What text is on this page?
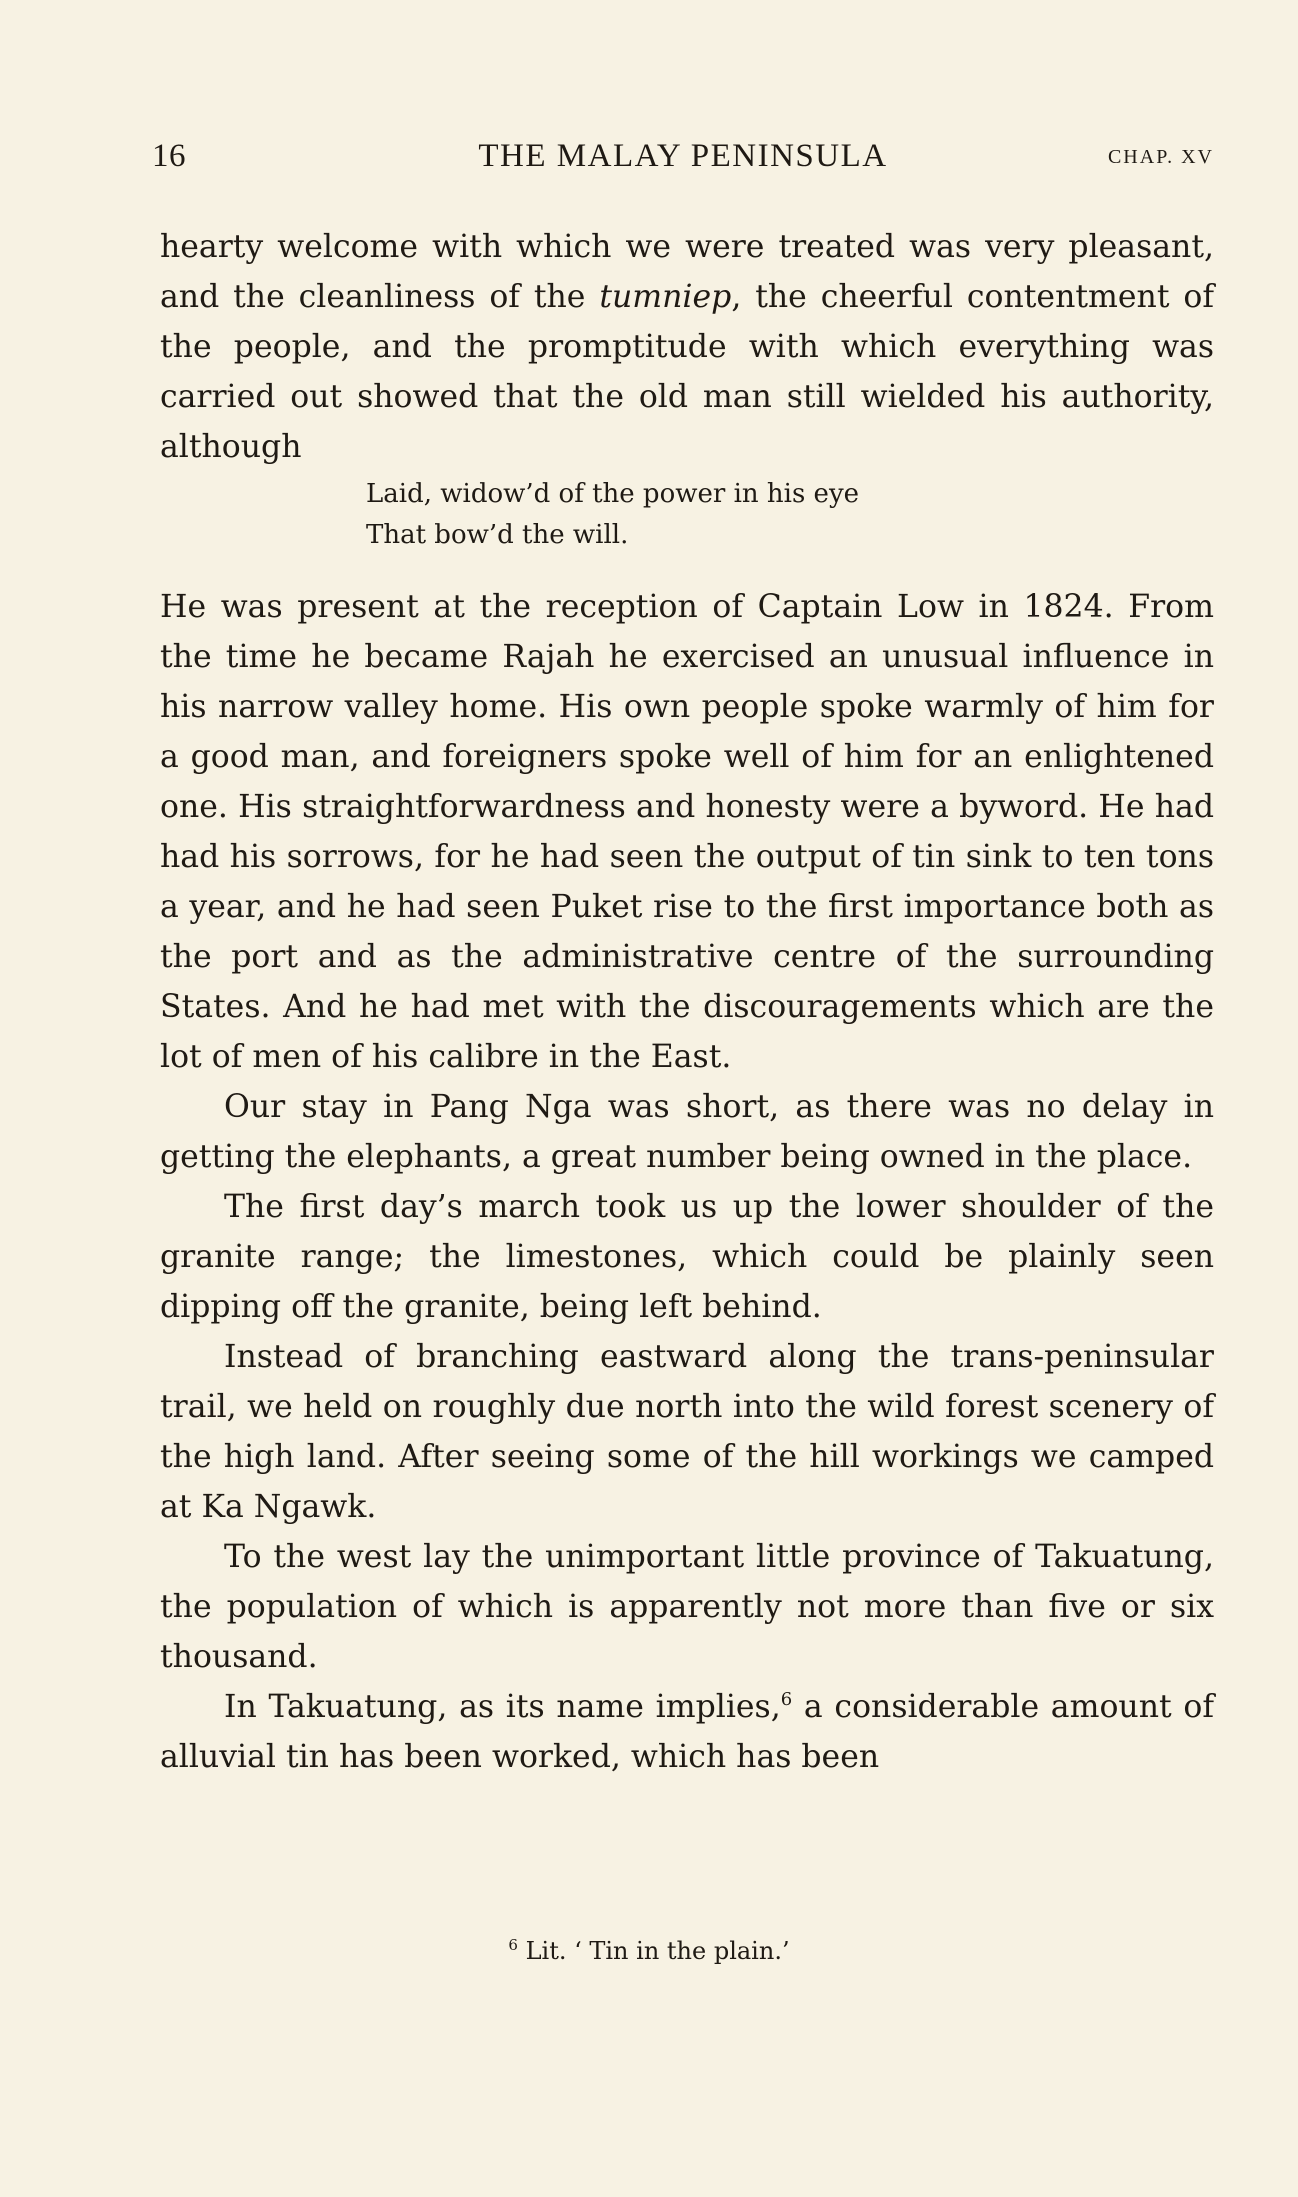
16	THE MALAY PENINSULA	CHAP. XV

hearty welcome with which we were treated was very pleasant, and the cleanliness of the tumniep, the cheerful contentment of the people, and the promptitude with which everything was carried out showed that the old man still wielded his authority, although

Laid, widow’d of the power in his eye
That bow’d the will.

He was present at the reception of Captain Low in 1824. From the time he became Rajah he exercised an unusual influence in his narrow valley home. His own people spoke warmly of him for a good man, and foreigners spoke well of him for an enlightened one. His straightforwardness and honesty were a byword. He had had his sorrows, for he had seen the output of tin sink to ten tons a year, and he had seen Puket rise to the first importance both as the port and as the administrative centre of the surrounding States. And he had met with the discouragements which are the lot of men of his calibre in the East.

Our stay in Pang Nga was short, as there was no delay in getting the elephants, a great number being owned in the place.

The first day’s march took us up the lower shoulder of the granite range; the limestones, which could be plainly seen dipping off the granite, being left behind.

Instead of branching eastward along the trans-peninsular trail, we held on roughly due north into the wild forest scenery of the high land. After seeing some of the hill workings we camped at Ka Ngawk.

To the west lay the unimportant little province of Takuatung, the population of which is apparently not more than five or six thousand.

In Takuatung, as its name implies,$^6$ a considerable amount of alluvial tin has been worked, which has been

$^6$ Lit. ‘ Tin in the plain.’
